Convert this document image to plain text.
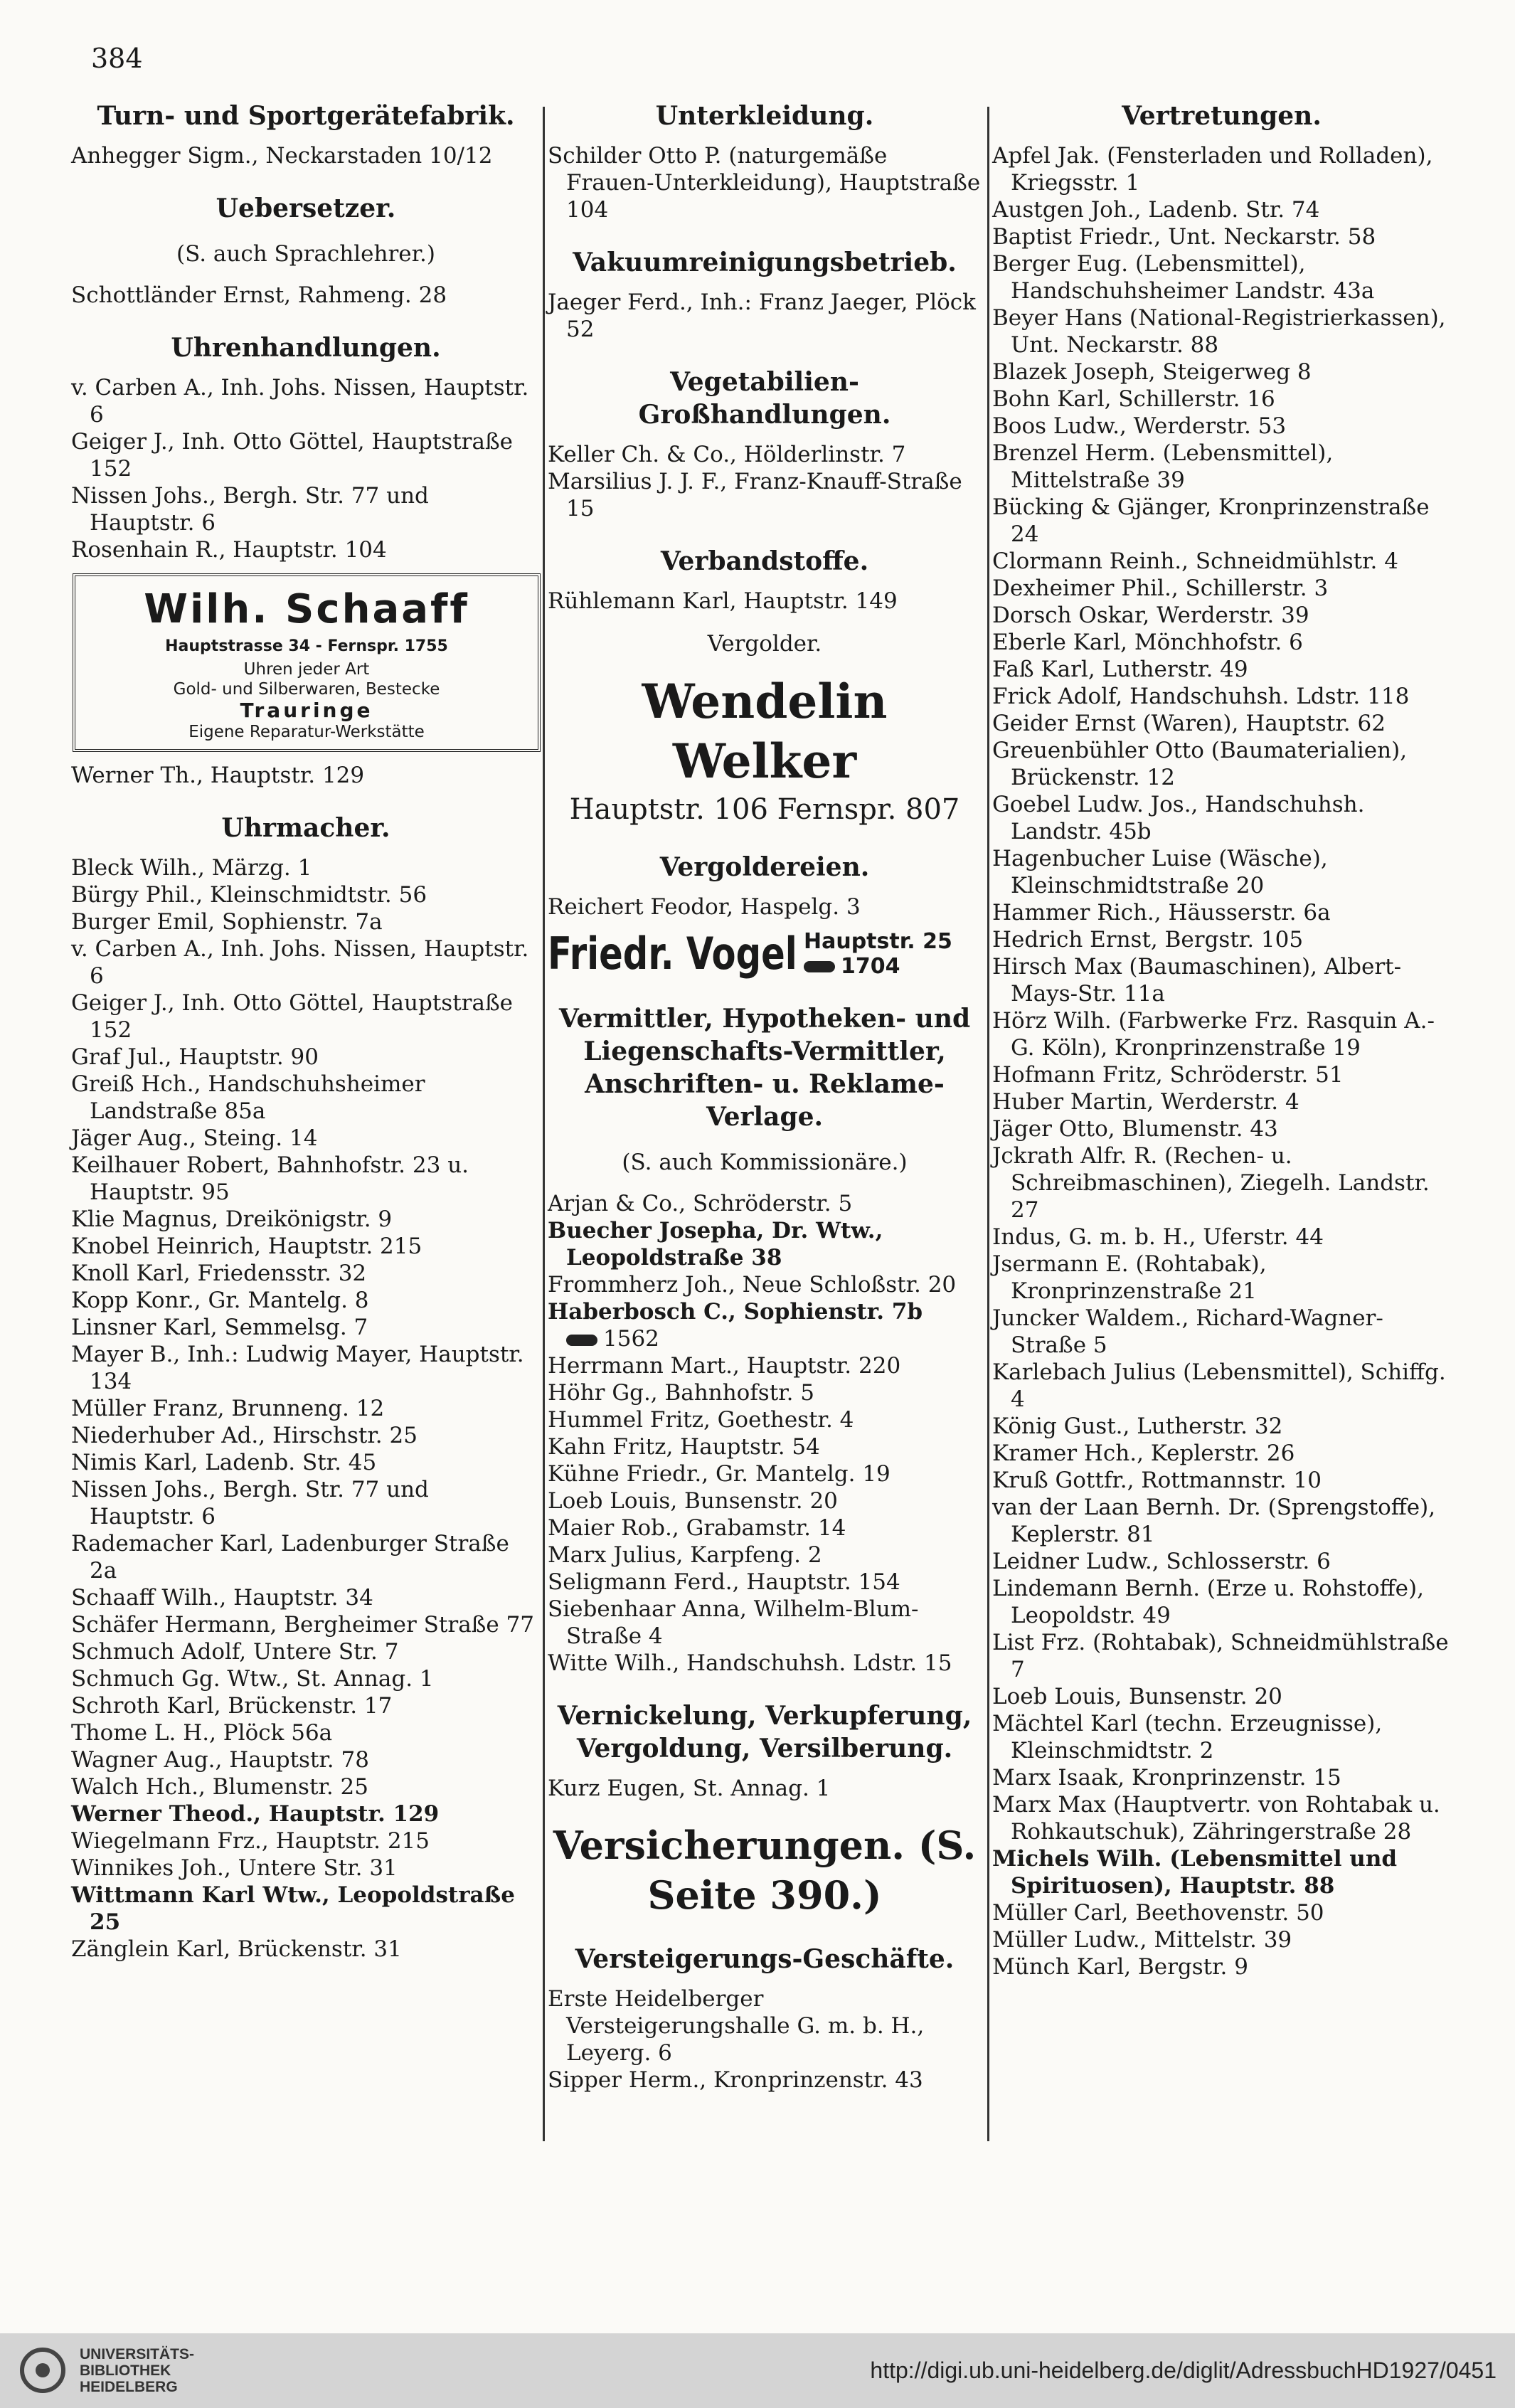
384
Turn- und Sportgerätefabrik.
Anhegger Sigm., Neckarstaden 10/12
Uebersetzer.
(S. auch Sprachlehrer.)
Schottländer Ernst, Rahmeng. 28
Uhrenhandlungen.
v. Carben A., Inh. Johs. Nissen, Hauptstr. 6
Geiger J., Inh. Otto Göttel, Hauptstraße 152
Nissen Johs., Bergh. Str. 77 und Hauptstr. 6
Rosenhain R., Hauptstr. 104
Wilh. Schaaff
Hauptstrasse 34 - Fernspr. 1755
Uhren jeder Art
Gold- und Silberwaren, Bestecke
Trauringe
Eigene Reparatur-Werkstätte
Werner Th., Hauptstr. 129
Uhrmacher.
Bleck Wilh., Märzg. 1
Bürgy Phil., Kleinschmidtstr. 56
Burger Emil, Sophienstr. 7a
v. Carben A., Inh. Johs. Nissen, Hauptstr. 6
Geiger J., Inh. Otto Göttel, Hauptstraße 152
Graf Jul., Hauptstr. 90
Greiß Hch., Handschuhsheimer Landstraße 85a
Jäger Aug., Steing. 14
Keilhauer Robert, Bahnhofstr. 23 u. Hauptstr. 95
Klie Magnus, Dreikönigstr. 9
Knobel Heinrich, Hauptstr. 215
Knoll Karl, Friedensstr. 32
Kopp Konr., Gr. Mantelg. 8
Linsner Karl, Semmelsg. 7
Mayer B., Inh.: Ludwig Mayer, Hauptstr. 134
Müller Franz, Brunneng. 12
Niederhuber Ad., Hirschstr. 25
Nimis Karl, Ladenb. Str. 45
Nissen Johs., Bergh. Str. 77 und Hauptstr. 6
Rademacher Karl, Ladenburger Straße 2a
Schaaff Wilh., Hauptstr. 34
Schäfer Hermann, Bergheimer Straße 77
Schmuch Adolf, Untere Str. 7
Schmuch Gg. Wtw., St. Annag. 1
Schroth Karl, Brückenstr. 17
Thome L. H., Plöck 56a
Wagner Aug., Hauptstr. 78
Walch Hch., Blumenstr. 25
Werner Theod., Hauptstr. 129
Wiegelmann Frz., Hauptstr. 215
Winnikes Joh., Untere Str. 31
Wittmann Karl Wtw., Leopoldstraße 25
Zänglein Karl, Brückenstr. 31
Unterkleidung.
Schilder Otto P. (naturgemäße Frauen-Unterkleidung), Hauptstraße 104
Vakuumreinigungsbetrieb.
Jaeger Ferd., Inh.: Franz Jaeger, Plöck 52
Vegetabilien-Großhandlungen.
Keller Ch. & Co., Hölderlinstr. 7
Marsilius J. J. F., Franz-Knauff-Straße 15
Verbandstoffe.
Rühlemann Karl, Hauptstr. 149
Vergolder.
Wendelin Welker
Hauptstr. 106 Fernspr. 807
Vergoldereien.
Reichert Feodor, Haspelg. 3
Friedr. Vogel Hauptstr. 25
1704
Vermittler, Hypotheken- und Liegenschafts-Vermittler, Anschriften- u. Reklame-Verlage.
(S. auch Kommissionäre.)
Arjan & Co., Schröderstr. 5
Buecher Josepha, Dr. Wtw., Leopoldstraße 38
Frommherz Joh., Neue Schloßstr. 20
Haberbosch C., Sophienstr. 7b
1562
Herrmann Mart., Hauptstr. 220
Höhr Gg., Bahnhofstr. 5
Hummel Fritz, Goethestr. 4
Kahn Fritz, Hauptstr. 54
Kühne Friedr., Gr. Mantelg. 19
Loeb Louis, Bunsenstr. 20
Maier Rob., Grabamstr. 14
Marx Julius, Karpfeng. 2
Seligmann Ferd., Hauptstr. 154
Siebenhaar Anna, Wilhelm-Blum-Straße 4
Witte Wilh., Handschuhsh. Ldstr. 15
Vernickelung, Verkupferung, Vergoldung, Versilberung.
Kurz Eugen, St. Annag. 1
Versicherungen. (S. Seite 390.)
Versteigerungs-Geschäfte.
Erste Heidelberger Versteigerungshalle G. m. b. H., Leyerg. 6
Sipper Herm., Kronprinzenstr. 43
Vertretungen.
Apfel Jak. (Fensterladen und Rolladen), Kriegsstr. 1
Austgen Joh., Ladenb. Str. 74
Baptist Friedr., Unt. Neckarstr. 58
Berger Eug. (Lebensmittel), Handschuhsheimer Landstr. 43a
Beyer Hans (National-Registrierkassen), Unt. Neckarstr. 88
Blazek Joseph, Steigerweg 8
Bohn Karl, Schillerstr. 16
Boos Ludw., Werderstr. 53
Brenzel Herm. (Lebensmittel), Mittelstraße 39
Bücking & Gjänger, Kronprinzenstraße 24
Clormann Reinh., Schneidmühlstr. 4
Dexheimer Phil., Schillerstr. 3
Dorsch Oskar, Werderstr. 39
Eberle Karl, Mönchhofstr. 6
Faß Karl, Lutherstr. 49
Frick Adolf, Handschuhsh. Ldstr. 118
Geider Ernst (Waren), Hauptstr. 62
Greuenbühler Otto (Baumaterialien), Brückenstr. 12
Goebel Ludw. Jos., Handschuhsh. Landstr. 45b
Hagenbucher Luise (Wäsche), Kleinschmidtstraße 20
Hammer Rich., Häusserstr. 6a
Hedrich Ernst, Bergstr. 105
Hirsch Max (Baumaschinen), Albert-Mays-Str. 11a
Hörz Wilh. (Farbwerke Frz. Rasquin A.-G. Köln), Kronprinzenstraße 19
Hofmann Fritz, Schröderstr. 51
Huber Martin, Werderstr. 4
Jäger Otto, Blumenstr. 43
Jckrath Alfr. R. (Rechen- u. Schreibmaschinen), Ziegelh. Landstr. 27
Indus, G. m. b. H., Uferstr. 44
Jsermann E. (Rohtabak), Kronprinzenstraße 21
Juncker Waldem., Richard-Wagner-Straße 5
Karlebach Julius (Lebensmittel), Schiffg. 4
König Gust., Lutherstr. 32
Kramer Hch., Keplerstr. 26
Kruß Gottfr., Rottmannstr. 10
van der Laan Bernh. Dr. (Sprengstoffe), Keplerstr. 81
Leidner Ludw., Schlosserstr. 6
Lindemann Bernh. (Erze u. Rohstoffe), Leopoldstr. 49
List Frz. (Rohtabak), Schneidmühlstraße 7
Loeb Louis, Bunsenstr. 20
Mächtel Karl (techn. Erzeugnisse), Kleinschmidtstr. 2
Marx Isaak, Kronprinzenstr. 15
Marx Max (Hauptvertr. von Rohtabak u. Rohkautschuk), Zähringerstraße 28
Michels Wilh. (Lebensmittel und Spirituosen), Hauptstr. 88
Müller Carl, Beethovenstr. 50
Müller Ludw., Mittelstr. 39
Münch Karl, Bergstr. 9
UNIVERSITÄTS-
BIBLIOTHEK
HEIDELBERG
http://digi.ub.uni-heidelberg.de/diglit/AdressbuchHD1927/0451
